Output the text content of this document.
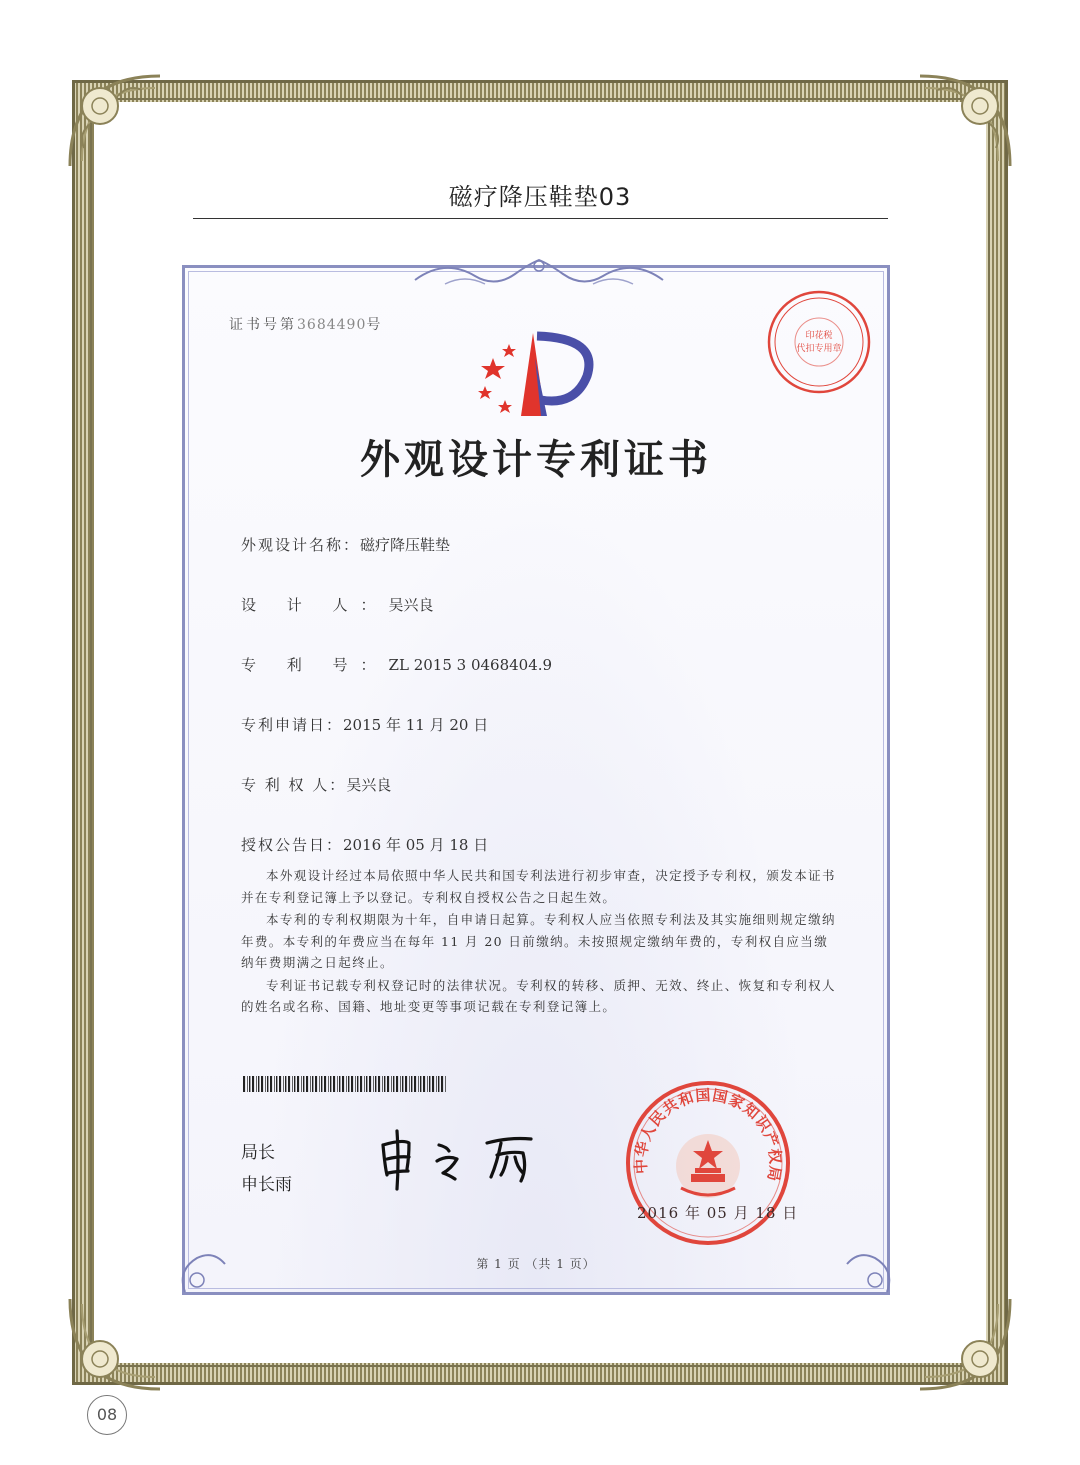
磁疗降压鞋垫03
证书号第3684490号
外观设计专利证书
外观设计名称：磁疗降压鞋垫
设 计 人：吴兴良
专 利 号：ZL 2015 3 0468404.9
专利申请日：2015 年 11 月 20 日
专 利 权 人：吴兴良
授权公告日：2016 年 05 月 18 日

本外观设计经过本局依照中华人民共和国专利法进行初步审查，决定授予专利权，颁发本证书并在专利登记簿上予以登记。专利权自授权公告之日起生效。

本专利的专利权期限为十年，自申请日起算。专利权人应当依照专利法及其实施细则规定缴纳年费。本专利的年费应当在每年 11 月 20 日前缴纳。未按照规定缴纳年费的，专利权自应当缴纳年费期满之日起终止。

专利证书记载专利权登记时的法律状况。专利权的转移、质押、无效、终止、恢复和专利权人的姓名或名称、国籍、地址变更等事项记载在专利登记簿上。

局长
申长雨
中华人民共和国国家知识产权局
2016 年 05 月 18 日
印花税
代扣专用章
第 1 页 （共 1 页）
08
